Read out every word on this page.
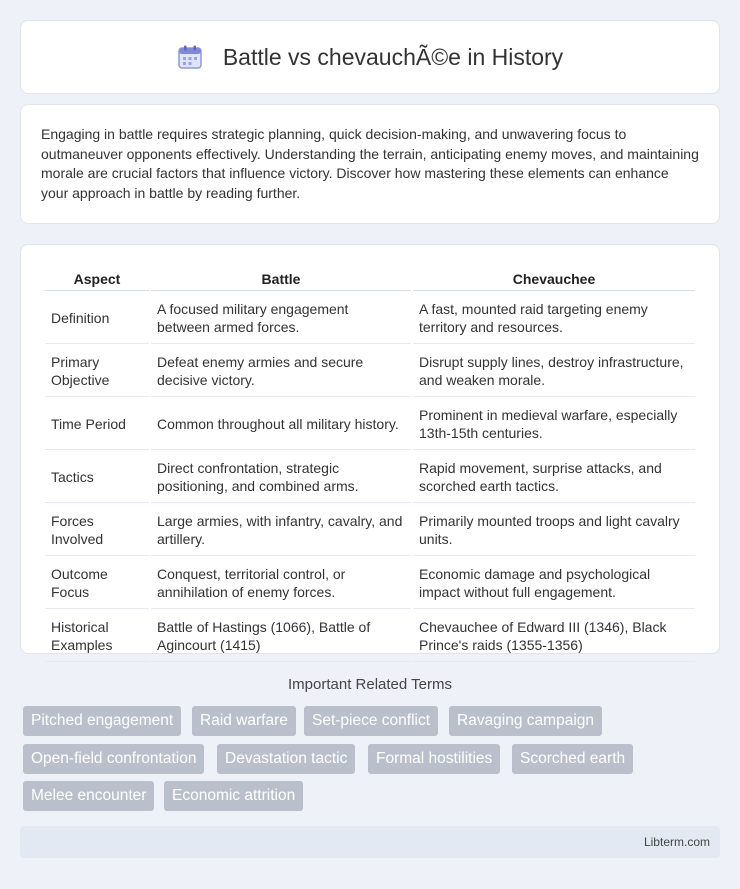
Battle vs chevauchÃ©e in History

Engaging in battle requires strategic planning, quick decision-making, and unwavering focus to outmaneuver opponents effectively. Understanding the terrain, anticipating enemy moves, and maintaining morale are crucial factors that influence victory. Discover how mastering these elements can enhance your approach in battle by reading further.

Aspect	Battle	Chevauchee
Definition	A focused military engagement between armed forces.	A fast, mounted raid targeting enemy territory and resources.
Primary Objective	Defeat enemy armies and secure decisive victory.	Disrupt supply lines, destroy infrastructure, and weaken morale.
Time Period	Common throughout all military history.	Prominent in medieval warfare, especially 13th-15th centuries.
Tactics	Direct confrontation, strategic positioning, and combined arms.	Rapid movement, surprise attacks, and scorched earth tactics.
Forces Involved	Large armies, with infantry, cavalry, and artillery.	Primarily mounted troops and light cavalry units.
Outcome Focus	Conquest, territorial control, or annihilation of enemy forces.	Economic damage and psychological impact without full engagement.
Historical Examples	Battle of Hastings (1066), Battle of Agincourt (1415)	Chevauchee of Edward III (1346), Black Prince's raids (1355-1356)
Important Related Terms
Pitched engagement	Raid warfare	Set-piece conflict	Ravaging campaign
Open-field confrontation	Devastation tactic	Formal hostilities	Scorched earth
Melee encounter	Economic attrition
Libterm.com
